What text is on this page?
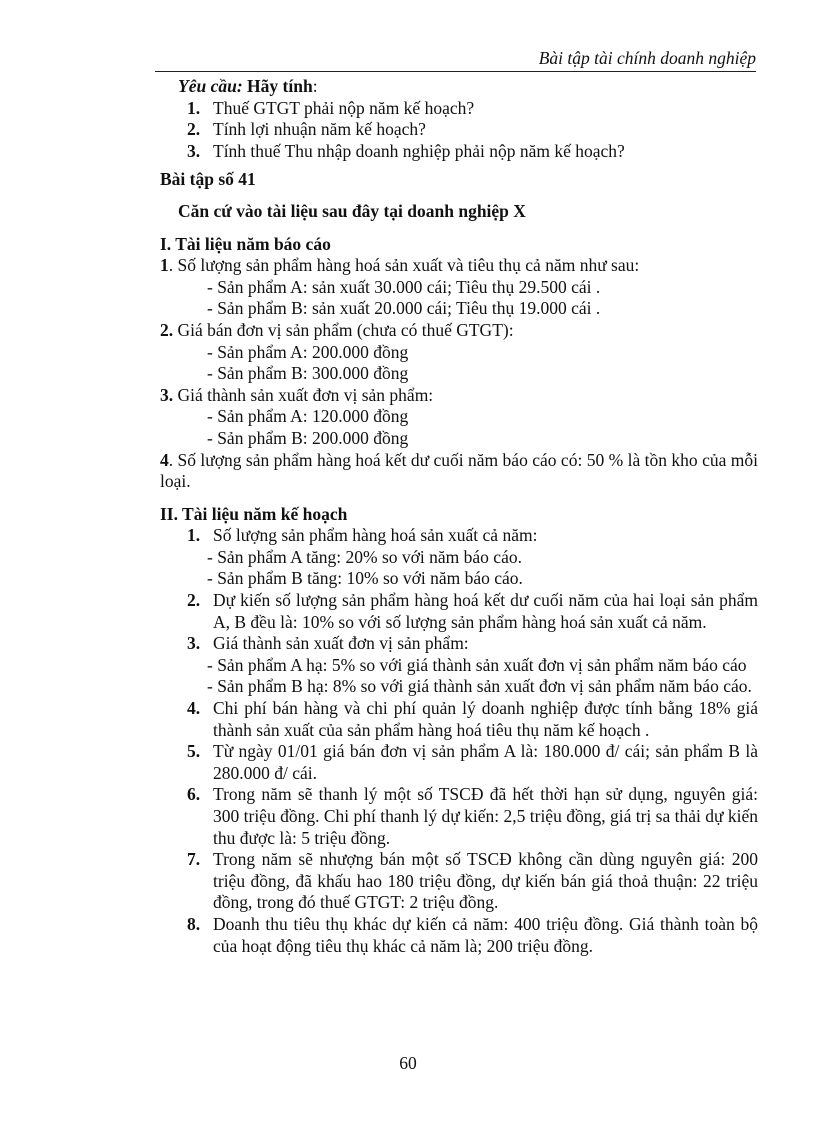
Bài tập tài chính doanh nghiệp
Yêu cầu: Hãy tính:
1. Thuế GTGT phải nộp năm kế hoạch?
2. Tính lợi nhuận năm kế hoạch?
3. Tính thuế Thu nhập doanh nghiệp phải nộp năm kế hoạch?
Bài tập số 41
Căn cứ vào tài liệu sau đây tại doanh nghiệp X
I. Tài liệu năm báo cáo
1. Số lượng sản phẩm hàng hoá sản xuất và tiêu thụ cả năm như sau:
- Sản phẩm A: sản xuất 30.000 cái; Tiêu thụ 29.500 cái .
- Sản phẩm B: sản xuất 20.000 cái; Tiêu thụ 19.000 cái .
2. Giá bán đơn vị sản phẩm (chưa có thuế GTGT):
- Sản phẩm A: 200.000 đồng
- Sản phẩm B: 300.000 đồng
3. Giá thành sản xuất đơn vị sản phẩm:
- Sản phẩm A: 120.000 đồng
- Sản phẩm B: 200.000 đồng
4. Số lượng sản phẩm hàng hoá kết dư cuối năm báo cáo có: 50 % là tồn kho của mỗi loại.
II. Tài liệu năm kế hoạch
1. Số lượng sản phẩm hàng hoá sản xuất cả năm:
- Sản phẩm A tăng: 20% so với năm báo cáo.
- Sản phẩm B tăng: 10% so với năm báo cáo.
2. Dự kiến số lượng sản phẩm hàng hoá kết dư cuối năm của hai loại sản phẩm A, B đều là: 10% so với số lượng sản phẩm hàng hoá sản xuất cả năm.
3. Giá thành sản xuất đơn vị sản phẩm:
- Sản phẩm A hạ: 5% so với giá thành sản xuất đơn vị sản phẩm năm báo cáo
- Sản phẩm B hạ: 8% so với giá thành sản xuất đơn vị sản phẩm năm báo cáo.
4. Chi phí bán hàng và chi phí quản lý doanh nghiệp được tính bằng 18% giá thành sản xuất của sản phẩm hàng hoá tiêu thụ năm kế hoạch .
5. Từ ngày 01/01 giá bán đơn vị sản phẩm A là: 180.000 đ/ cái; sản phẩm B là 280.000 đ/ cái.
6. Trong năm sẽ thanh lý một số TSCĐ đã hết thời hạn sử dụng, nguyên giá: 300 triệu đồng. Chi phí thanh lý dự kiến: 2,5 triệu đồng, giá trị sa thải dự kiến thu được là: 5 triệu đồng.
7. Trong năm sẽ nhượng bán một số TSCĐ không cần dùng nguyên giá: 200 triệu đồng, đã khấu hao 180 triệu đồng, dự kiến bán giá thoả thuận: 22 triệu đồng, trong đó thuế GTGT: 2 triệu đồng.
8. Doanh thu tiêu thụ khác dự kiến cả năm: 400 triệu đồng. Giá thành toàn bộ của hoạt động tiêu thụ khác cả năm là; 200 triệu đồng.
60
